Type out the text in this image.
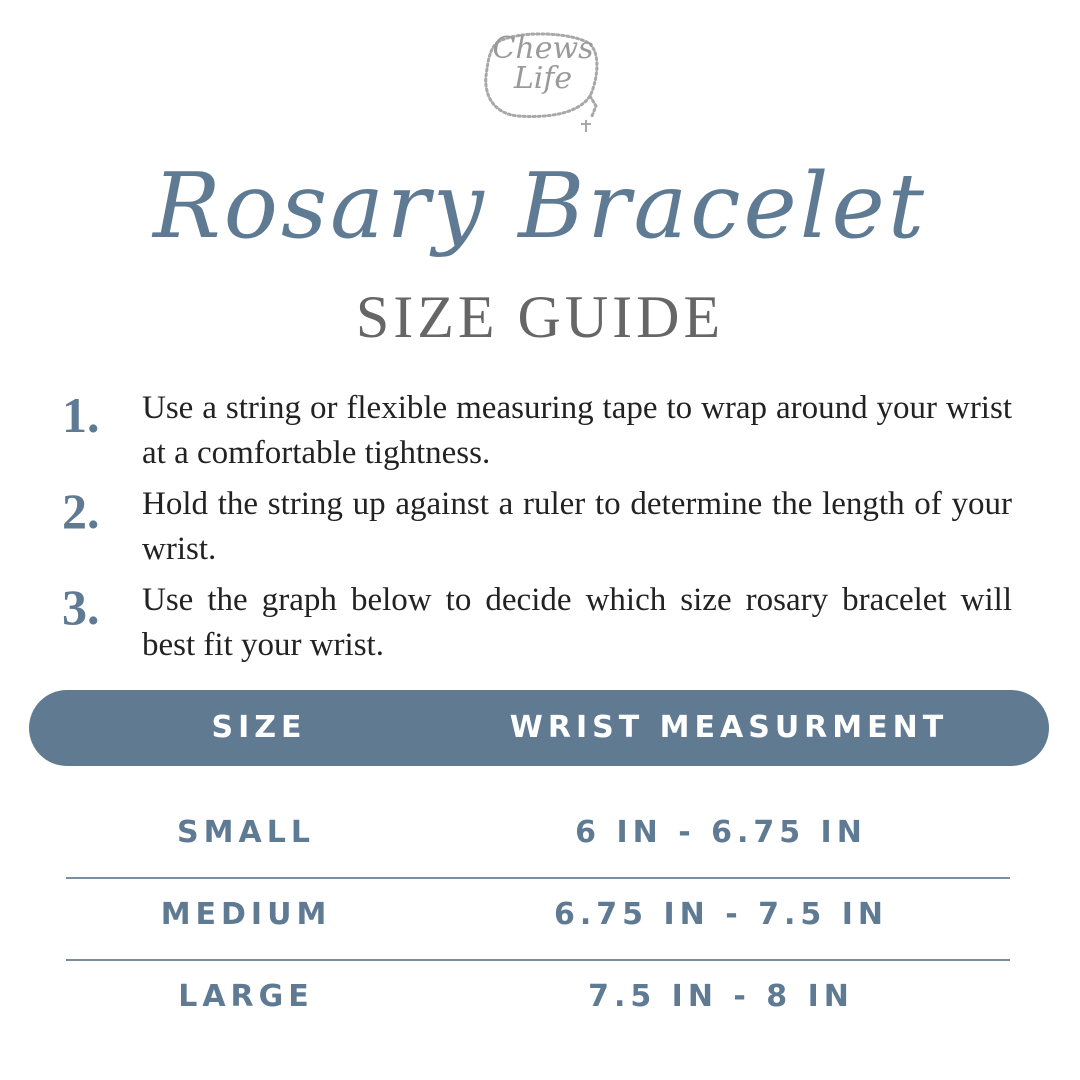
Chews
Life
Rosary Bracelet
SIZE GUIDE
1.	Use a string or flexible measuring tape to wrap around your wrist at a comfortable tightness.
2.	Hold the string up against a ruler to determine the length of your wrist.
3.	Use the graph below to decide which size rosary bracelet will best fit your wrist.
SIZE	WRIST MEASURMENT
SMALL	6 IN - 6.75 IN
MEDIUM	6.75 IN - 7.5 IN
LARGE	7.5 IN - 8 IN
